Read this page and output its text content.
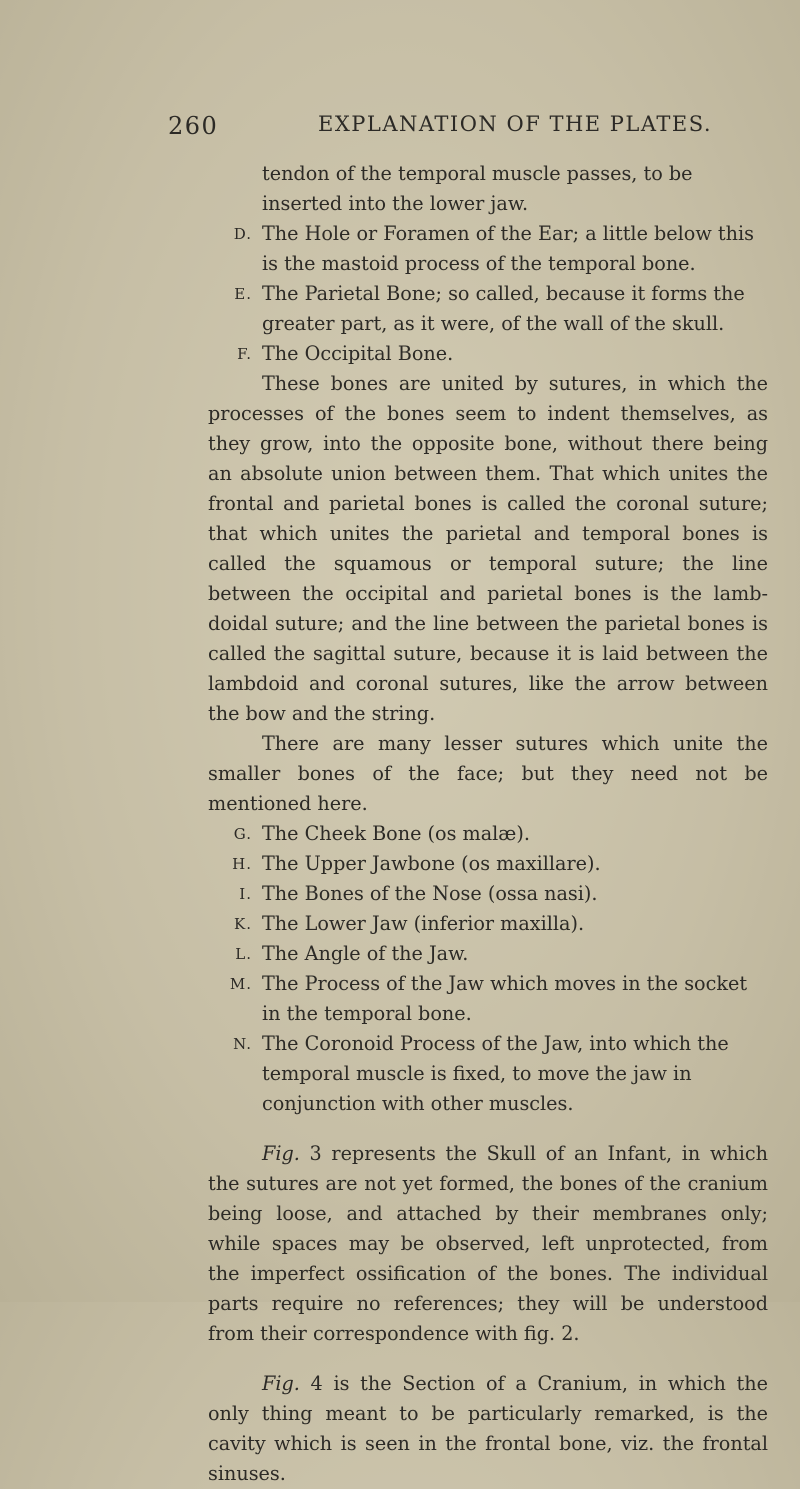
260	EXPLANATION OF THE PLATES.

tendon of the temporal muscle passes, to be inserted into the lower jaw.

D. The Hole or Foramen of the Ear; a little below this is the mastoid process of the temporal bone.

E. The Parietal Bone; so called, because it forms the greater part, as it were, of the wall of the skull.

F. The Occipital Bone.

These bones are united by sutures, in which the processes of the bones seem to indent themselves, as they grow, into the opposite bone, without there being an absolute union between them. That which unites the frontal and parietal bones is called the coronal suture; that which unites the parietal and temporal bones is called the squamous or temporal suture; the line between the occipital and parietal bones is the lamb-doidal suture; and the line between the parietal bones is called the sagittal suture, because it is laid between the lambdoid and coronal sutures, like the arrow between the bow and the string.

There are many lesser sutures which unite the smaller bones of the face; but they need not be mentioned here.

G. The Cheek Bone (os malæ).

H. The Upper Jawbone (os maxillare).

I. The Bones of the Nose (ossa nasi).

K. The Lower Jaw (inferior maxilla).

L. The Angle of the Jaw.

M. The Process of the Jaw which moves in the socket in the temporal bone.

N. The Coronoid Process of the Jaw, into which the temporal muscle is fixed, to move the jaw in conjunction with other muscles.

Fig. 3 represents the Skull of an Infant, in which the sutures are not yet formed, the bones of the cranium being loose, and attached by their membranes only; while spaces may be observed, left unprotected, from the imperfect ossification of the bones. The individual parts require no references; they will be understood from their correspondence with fig. 2.

Fig. 4 is the Section of a Cranium, in which the only thing meant to be particularly remarked, is the cavity which is seen in the frontal bone, viz. the frontal sinuses.
